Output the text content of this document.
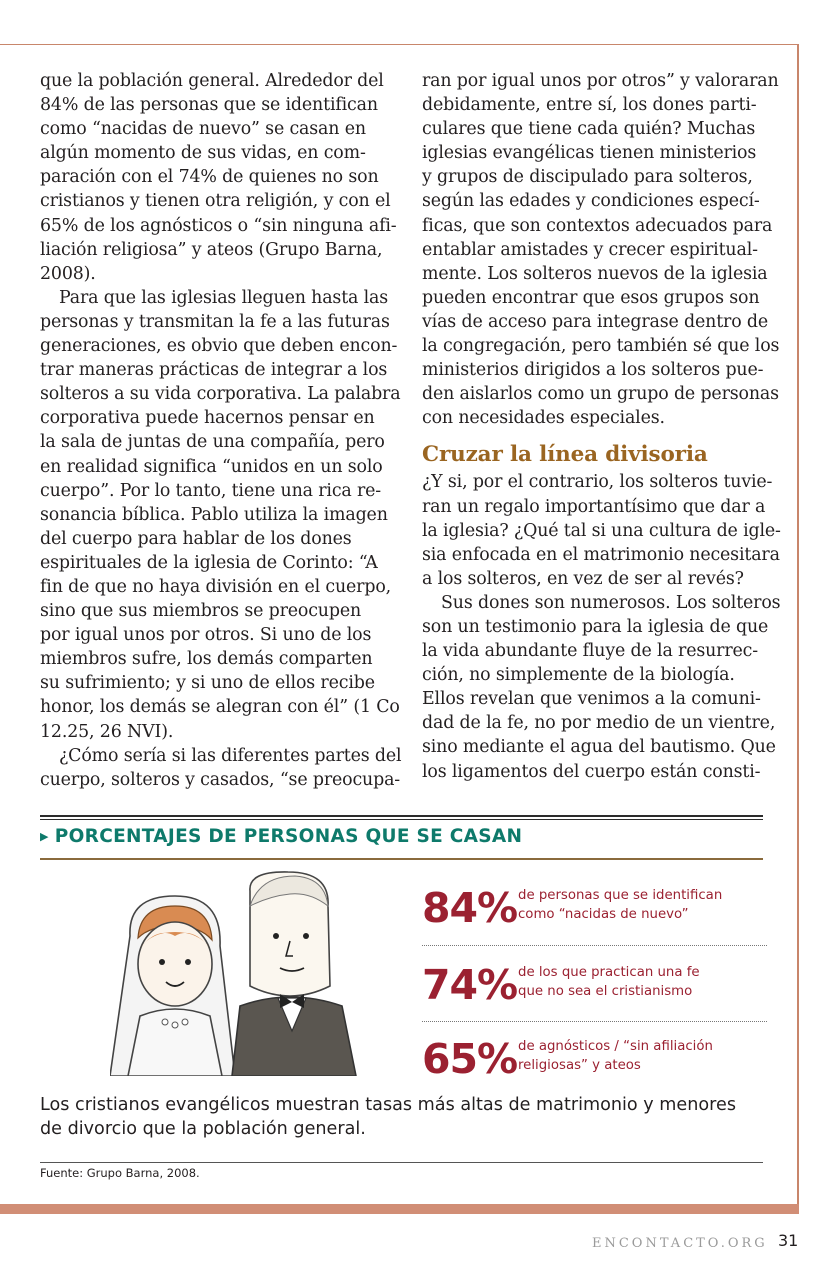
que la población general. Alrededor del

84% de las personas que se identifican

como “nacidas de nuevo” se casan en

algún momento de sus vidas, en com-

paración con el 74% de quienes no son

cristianos y tienen otra religión, y con el

65% de los agnósticos o “sin ninguna afi-

liación religiosa” y ateos (Grupo Barna,

2008).

Para que las iglesias lleguen hasta las

personas y transmitan la fe a las futuras

generaciones, es obvio que deben encon-

trar maneras prácticas de integrar a los

solteros a su vida corporativa. La palabra

corporativa puede hacernos pensar en

la sala de juntas de una compañía, pero

en realidad significa “unidos en un solo

cuerpo”. Por lo tanto, tiene una rica re-

sonancia bíblica. Pablo utiliza la imagen

del cuerpo para hablar de los dones

espirituales de la iglesia de Corinto: “A

fin de que no haya división en el cuerpo,

sino que sus miembros se preocupen

por igual unos por otros. Si uno de los

miembros sufre, los demás comparten

su sufrimiento; y si uno de ellos recibe

honor, los demás se alegran con él” (1 Co

12.25, 26 NVI).

¿Cómo sería si las diferentes partes del

cuerpo, solteros y casados, “se preocupa-

ran por igual unos por otros” y valoraran

debidamente, entre sí, los dones parti-

culares que tiene cada quién? Muchas

iglesias evangélicas tienen ministerios

y grupos de discipulado para solteros,

según las edades y condiciones especí-

ficas, que son contextos adecuados para

entablar amistades y crecer espiritual-

mente. Los solteros nuevos de la iglesia

pueden encontrar que esos grupos son

vías de acceso para integrase dentro de

la congregación, pero también sé que los

ministerios dirigidos a los solteros pue-

den aislarlos como un grupo de personas

con necesidades especiales.

Cruzar la línea divisoria

¿Y si, por el contrario, los solteros tuvie-

ran un regalo importantísimo que dar a

la iglesia? ¿Qué tal si una cultura de igle-

sia enfocada en el matrimonio necesitara

a los solteros, en vez de ser al revés?

Sus dones son numerosos. Los solteros

son un testimonio para la iglesia de que

la vida abundante fluye de la resurrec-

ción, no simplemente de la biología.

Ellos revelan que venimos a la comuni-

dad de la fe, no por medio de un vientre,

sino mediante el agua del bautismo. Que

los ligamentos del cuerpo están consti-

▶ PORCENTAJES DE PERSONAS QUE SE CASAN
84% de personas que se identifican
como “nacidas de nuevo”
74% de los que practican una fe
que no sea el cristianismo
65% de agnósticos / “sin afiliación
religiosas” y ateos

Los cristianos evangélicos muestran tasas más altas de matrimonio y menores

de divorcio que la población general.

Fuente: Grupo Barna, 2008.
ENCONTACTO.ORG 31
